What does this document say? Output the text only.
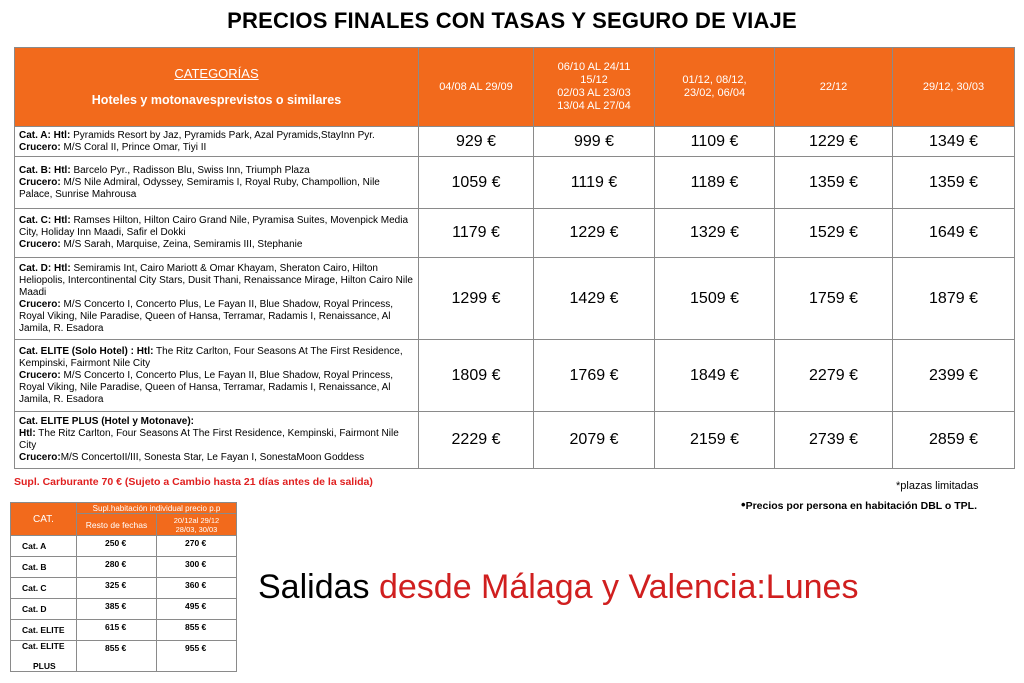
PRECIOS FINALES CON TASAS Y SEGURO DE VIAJE
CATEGORÍAS
Hoteles y motonavesprevistos o similares	04/08 AL 29/09	06/10 AL 24/11
15/12
02/03 AL 23/03
13/04 AL 27/04	01/12, 08/12,
23/02, 06/04	22/12	29/12, 30/03

Cat. A: Htl: Pyramids Resort by Jaz, Pyramids Park, Azal Pyramids,StayInn Pyr.
Crucero: M/S Coral II, Prince Omar, Tiyi II	929 €	999 €	1109 €	1229 €	1349 €

Cat. B: Htl: Barcelo Pyr., Radisson Blu, Swiss Inn, Triumph Plaza
Crucero: M/S Nile Admiral, Odyssey, Semiramis I, Royal Ruby, Champollion, Nile Palace, Sunrise Mahrousa	1059 €	1119 €	1189 €	1359 €	1359 €

Cat. C: Htl: Ramses Hilton, Hilton Cairo Grand Nile, Pyramisa Suites, Movenpick Media City, Holiday Inn Maadi, Safir el Dokki
Crucero: M/S Sarah, Marquise, Zeina, Semiramis III, Stephanie	1179 €	1229 €	1329 €	1529 €	1649 €

Cat. D: Htl: Semiramis Int, Cairo Mariott & Omar Khayam, Sheraton Cairo, Hilton Heliopolis, Intercontinental City Stars, Dusit Thani, Renaissance Mirage, Hilton Cairo Nile Maadi
Crucero: M/S Concerto I, Concerto Plus, Le Fayan II, Blue Shadow, Royal Princess, Royal Viking, Nile Paradise, Queen of Hansa, Terramar, Radamis I, Renaissance, Al Jamila, R. Esadora	1299 €	1429 €	1509 €	1759 €	1879 €

Cat. ELITE (Solo Hotel) : Htl: The Ritz Carlton, Four Seasons At The First Residence, Kempinski, Fairmont Nile City
Crucero: M/S Concerto I, Concerto Plus, Le Fayan II, Blue Shadow, Royal Princess, Royal Viking, Nile Paradise, Queen of Hansa, Terramar, Radamis I, Renaissance, Al Jamila, R. Esadora	1809 €	1769 €	1849 €	2279 €	2399 €

Cat. ELITE PLUS (Hotel y Motonave):
Htl: The Ritz Carlton, Four Seasons At The First Residence, Kempinski, Fairmont Nile City
Crucero:M/S ConcertoII/III, Sonesta Star, Le Fayan I, SonestaMoon Goddess	2229 €	2079 €	2159 €	2739 €	2859 €
Supl. Carburante 70 € (Sujeto a Cambio hasta 21 días antes de la salida)	*plazas limitadas
•Precios por persona en habitación DBL o TPL.
CAT.	Supl.habitación individual precio p.p	
	Resto de fechas	20/12al 29/12
28/03, 30/03
Cat. A	250 €	270 €
Cat. B	280 €	300 €
Cat. C	325 €	360 €
Cat. D	385 €	495 €
Cat. ELITE	615 €	855 €
Cat. ELITE

PLUS	855 €	955 €
Salidas desde Málaga y Valencia:Lunes
